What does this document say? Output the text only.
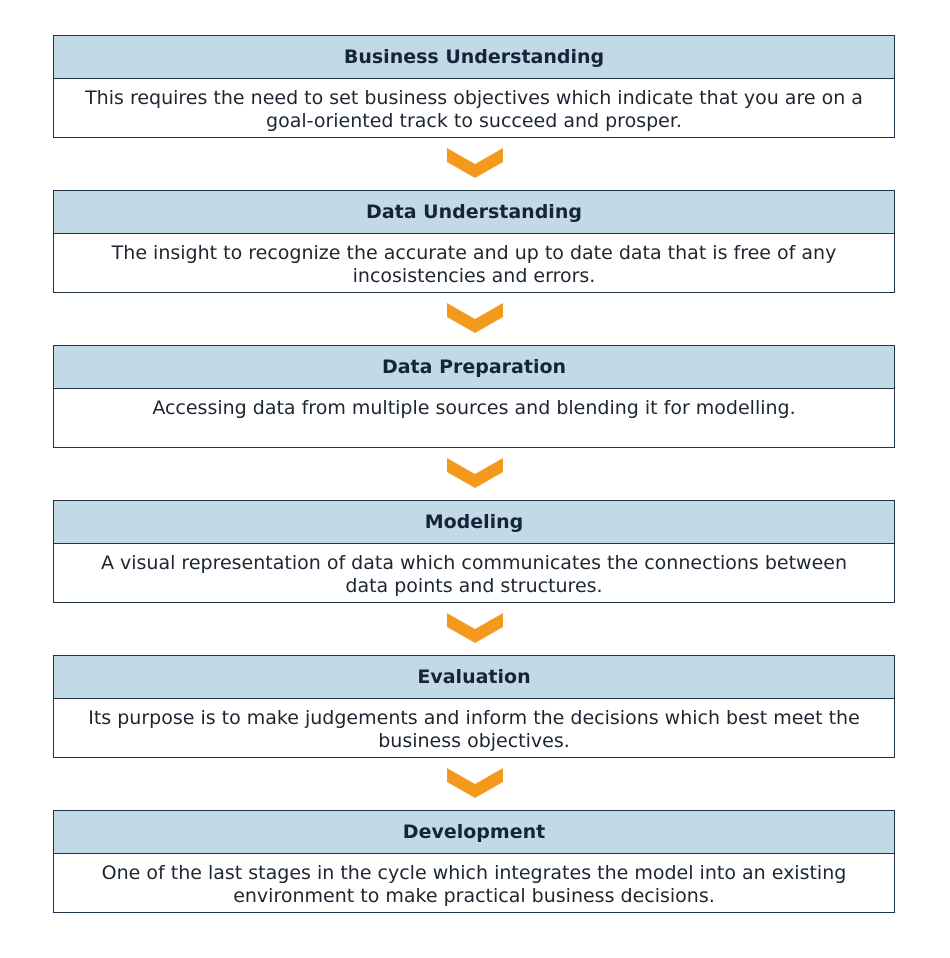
Business Understanding
This requires the need to set business objectives which indicate that you are on a goal-oriented track to succeed and prosper.
Data Understanding
The insight to recognize the accurate and up to date data that is free of any incosistencies and errors.
Data Preparation
Accessing data from multiple sources and blending it for modelling.
Modeling
A visual representation of data which communicates the connections between data points and structures.
Evaluation
Its purpose is to make judgements and inform the decisions which best meet the business objectives.
Development
One of the last stages in the cycle which integrates the model into an existing environment to make practical business decisions.
